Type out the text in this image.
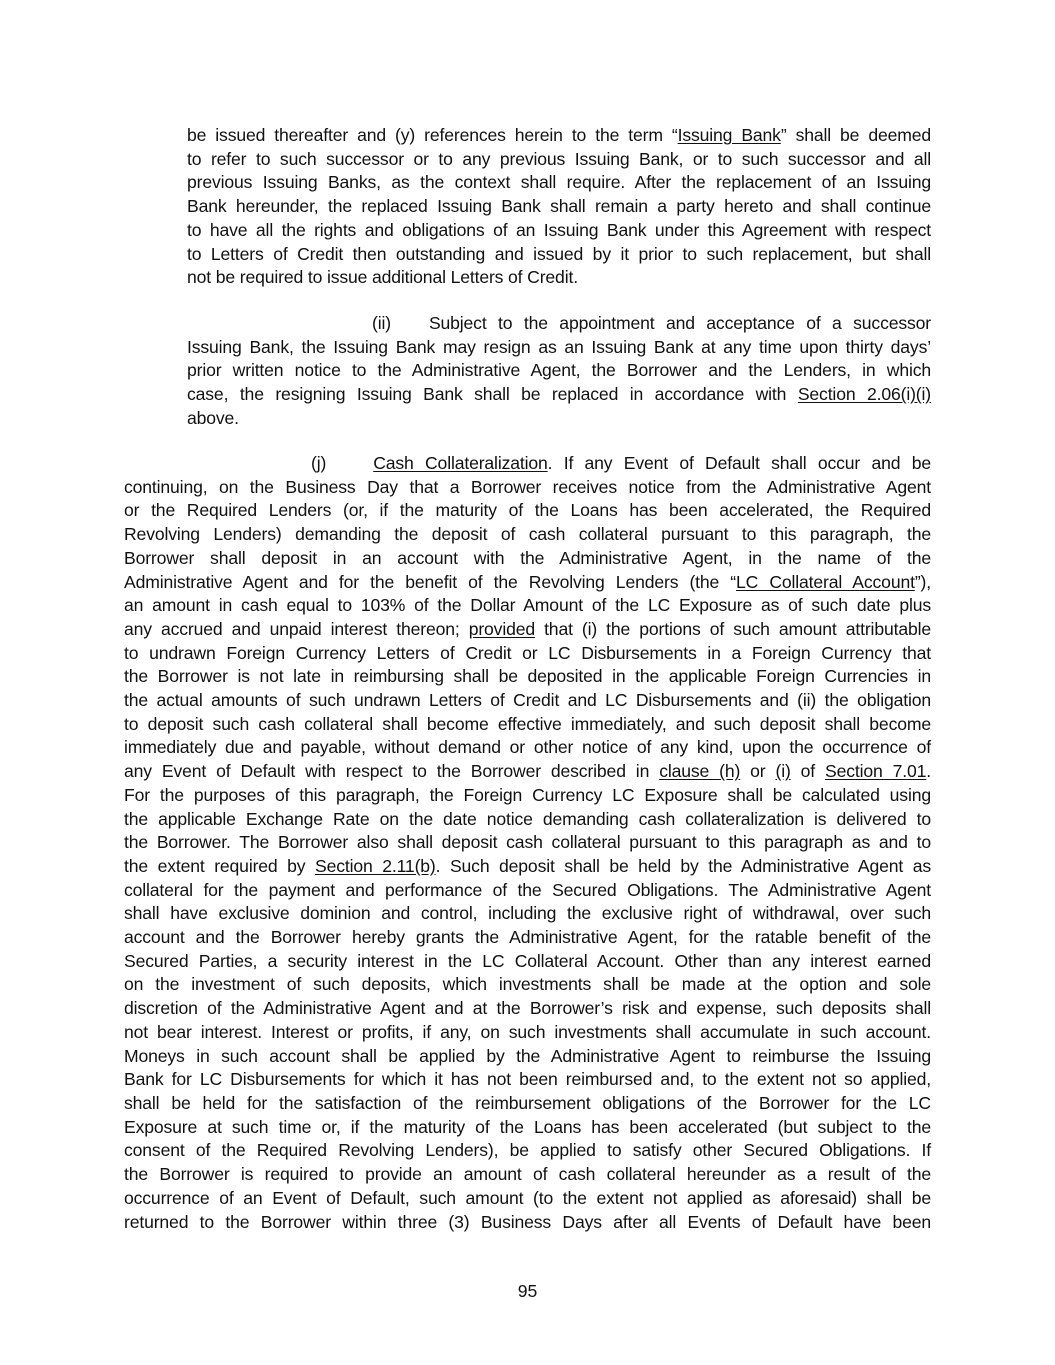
be issued thereafter and (y) references herein to the term “Issuing Bank” shall be deemed
to refer to such successor or to any previous Issuing Bank, or to such successor and all
previous Issuing Banks, as the context shall require. After the replacement of an Issuing
Bank hereunder, the replaced Issuing Bank shall remain a party hereto and shall continue
to have all the rights and obligations of an Issuing Bank under this Agreement with respect
to Letters of Credit then outstanding and issued by it prior to such replacement, but shall
not be required to issue additional Letters of Credit.
(ii) Subject to the appointment and acceptance of a successor
Issuing Bank, the Issuing Bank may resign as an Issuing Bank at any time upon thirty days’
prior written notice to the Administrative Agent, the Borrower and the Lenders, in which
case, the resigning Issuing Bank shall be replaced in accordance with Section 2.06(i)(i)
above.
(j)	Cash Collateralization. If any Event of Default shall occur and be
continuing, on the Business Day that a Borrower receives notice from the Administrative Agent
or the Required Lenders (or, if the maturity of the Loans has been accelerated, the Required
Revolving Lenders) demanding the deposit of cash collateral pursuant to this paragraph, the
Borrower shall deposit in an account with the Administrative Agent, in the name of the
Administrative Agent and for the benefit of the Revolving Lenders (the “LC Collateral Account”),
an amount in cash equal to 103% of the Dollar Amount of the LC Exposure as of such date plus
any accrued and unpaid interest thereon; provided that (i) the portions of such amount attributable
to undrawn Foreign Currency Letters of Credit or LC Disbursements in a Foreign Currency that
the Borrower is not late in reimbursing shall be deposited in the applicable Foreign Currencies in
the actual amounts of such undrawn Letters of Credit and LC Disbursements and (ii) the obligation
to deposit such cash collateral shall become effective immediately, and such deposit shall become
immediately due and payable, without demand or other notice of any kind, upon the occurrence of
any Event of Default with respect to the Borrower described in clause (h) or (i) of Section 7.01.
For the purposes of this paragraph, the Foreign Currency LC Exposure shall be calculated using
the applicable Exchange Rate on the date notice demanding cash collateralization is delivered to
the Borrower. The Borrower also shall deposit cash collateral pursuant to this paragraph as and to
the extent required by Section 2.11(b). Such deposit shall be held by the Administrative Agent as
collateral for the payment and performance of the Secured Obligations. The Administrative Agent
shall have exclusive dominion and control, including the exclusive right of withdrawal, over such
account and the Borrower hereby grants the Administrative Agent, for the ratable benefit of the
Secured Parties, a security interest in the LC Collateral Account. Other than any interest earned
on the investment of such deposits, which investments shall be made at the option and sole
discretion of the Administrative Agent and at the Borrower’s risk and expense, such deposits shall
not bear interest. Interest or profits, if any, on such investments shall accumulate in such account.
Moneys in such account shall be applied by the Administrative Agent to reimburse the Issuing
Bank for LC Disbursements for which it has not been reimbursed and, to the extent not so applied,
shall be held for the satisfaction of the reimbursement obligations of the Borrower for the LC
Exposure at such time or, if the maturity of the Loans has been accelerated (but subject to the
consent of the Required Revolving Lenders), be applied to satisfy other Secured Obligations. If
the Borrower is required to provide an amount of cash collateral hereunder as a result of the
occurrence of an Event of Default, such amount (to the extent not applied as aforesaid) shall be
returned to the Borrower within three (3) Business Days after all Events of Default have been
95
